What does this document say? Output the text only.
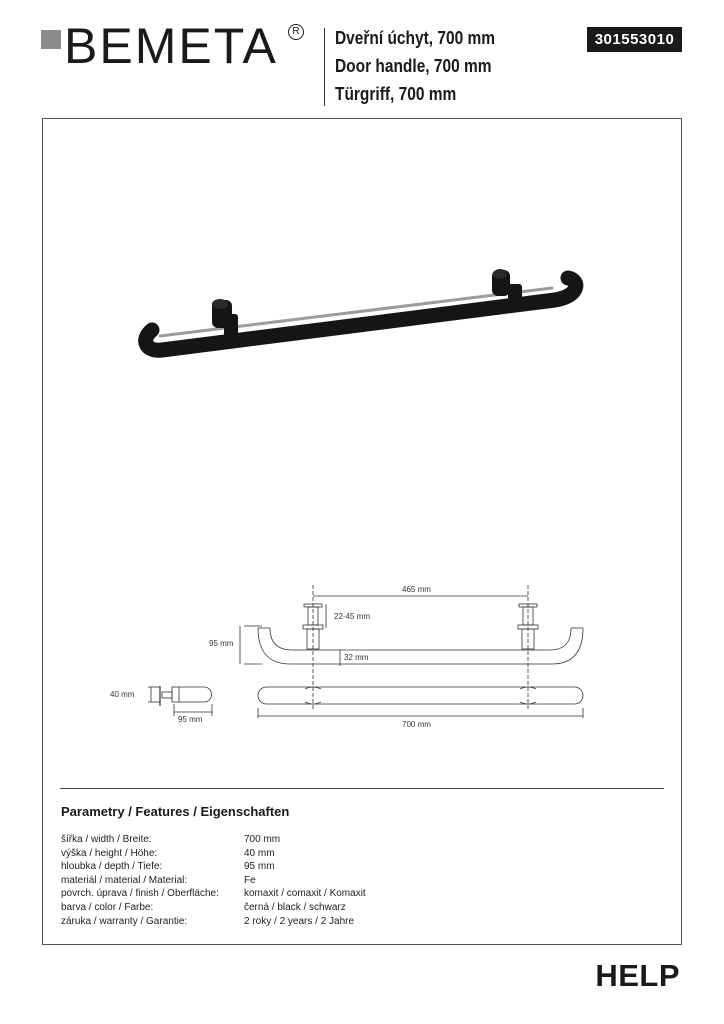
BEMETA	R Dveřní úchyt, 700 mm
Door handle, 700 mm
Türgriff, 700 mm
301553010
465 mm
22-45 mm
95 mm
32 mm
40 mm
95 mm
700 mm
Parametry / Features / Eigenschaften
šířka / width / Breite:	700 mm
výška / height / Höhe:	40 mm
hloubka / depth / Tiefe:	95 mm
materiál / material / Material:	Fe
povrch. úprava / finish / Oberfläche:	komaxit / comaxit / Komaxit
barva / color / Farbe:	černá / black / schwarz
záruka / warranty / Garantie:	2 roky / 2 years / 2 Jahre
HELP
